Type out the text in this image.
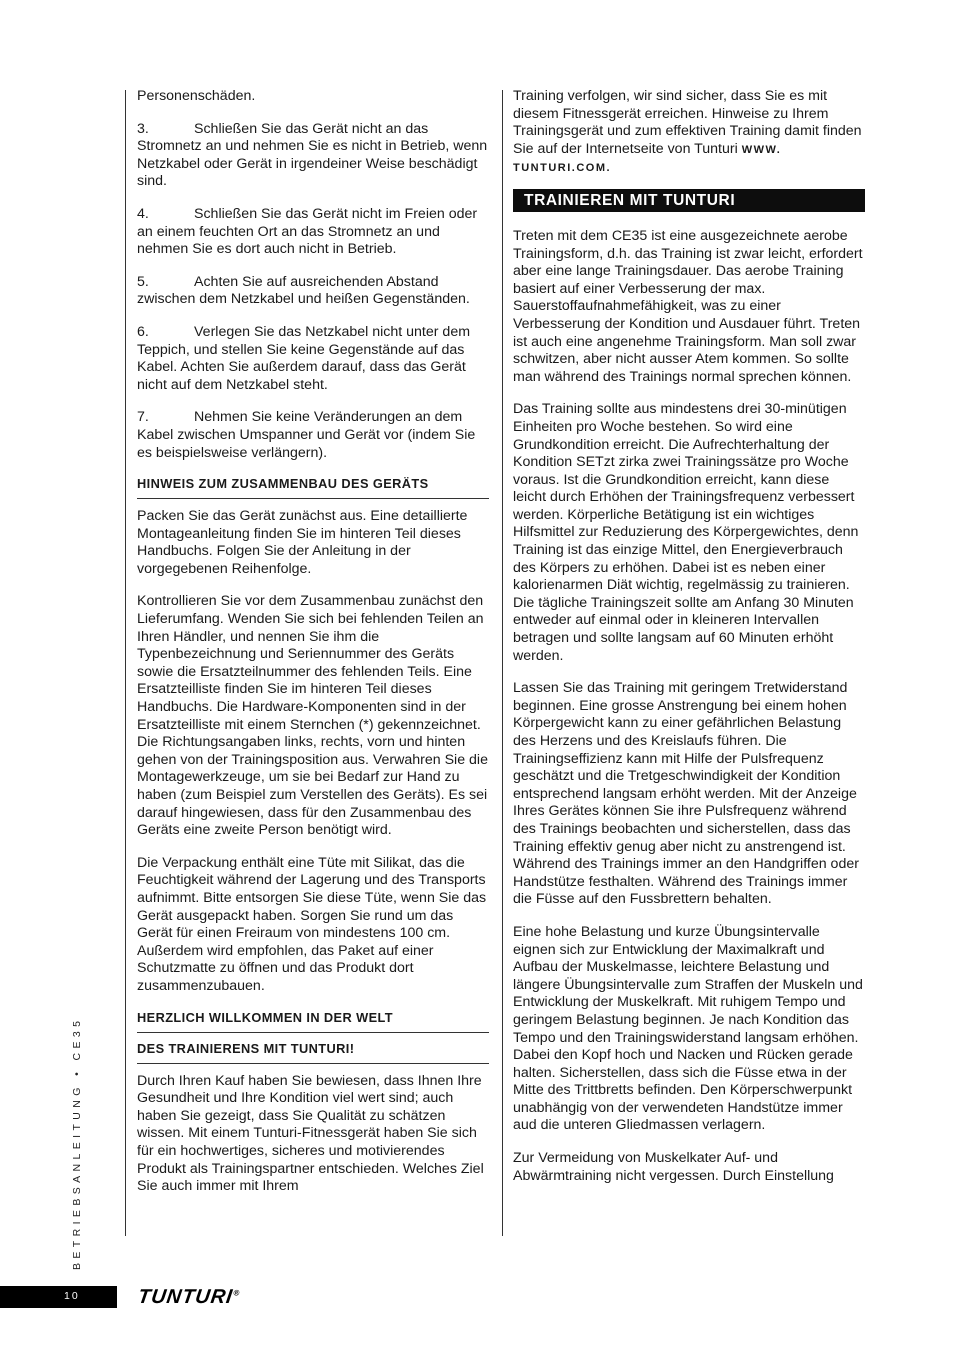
Personenschäden.

3.	Schließen Sie das Gerät nicht an das Stromnetz an und nehmen Sie es nicht in Betrieb, wenn Netzkabel oder Gerät in irgendeiner Weise beschädigt sind.

4.	Schließen Sie das Gerät nicht im Freien oder an einem feuchten Ort an das Stromnetz an und nehmen Sie es dort auch nicht in Betrieb.

5.	Achten Sie auf ausreichenden Abstand zwischen dem Netzkabel und heißen Gegenständen.

6.	Verlegen Sie das Netzkabel nicht unter dem Teppich, und stellen Sie keine Gegenstände auf das Kabel. Achten Sie außerdem darauf, dass das Gerät nicht auf dem Netzkabel steht.

7.	Nehmen Sie keine Veränderungen an dem Kabel zwischen Umspanner und Gerät vor (indem Sie es beispielsweise verlängern).

HINWEIS ZUM ZUSAMMENBAU DES GERÄTS

Packen Sie das Gerät zunächst aus. Eine detaillierte Montageanleitung finden Sie im hinteren Teil dieses Handbuchs. Folgen Sie der Anleitung in der vorgegebenen Reihenfolge.

Kontrollieren Sie vor dem Zusammenbau zunächst den Lieferumfang. Wenden Sie sich bei fehlenden Teilen an Ihren Händler, und nennen Sie ihm die Typenbezeichnung und Seriennummer des Geräts sowie die Ersatzteilnummer des fehlenden Teils. Eine Ersatzteilliste finden Sie im hinteren Teil dieses Handbuchs. Die Hardware-Komponenten sind in der Ersatzteilliste mit einem Sternchen (*) gekennzeichnet. Die Richtungsangaben links, rechts, vorn und hinten gehen von der Trainingsposition aus. Verwahren Sie die Montagewerkzeuge, um sie bei Bedarf zur Hand zu haben (zum Beispiel zum Verstellen des Geräts). Es sei darauf hingewiesen, dass für den Zusammenbau des Geräts eine zweite Person benötigt wird.

Die Verpackung enthält eine Tüte mit Silikat, das die Feuchtigkeit während der Lagerung und des Transports aufnimmt. Bitte entsorgen Sie diese Tüte, wenn Sie das Gerät ausgepackt haben. Sorgen Sie rund um das Gerät für einen Freiraum von mindestens 100 cm. Außerdem wird empfohlen, das Paket auf einer Schutzmatte zu öffnen und das Produkt dort zusammenzubauen.

HERZLICH WILLKOMMEN IN DER WELT
DES TRAINIERENS MIT TUNTURI!

Durch Ihren Kauf haben Sie bewiesen, dass Ihnen Ihre Gesundheit und Ihre Kondition viel wert sind; auch haben Sie gezeigt, dass Sie Qualität zu schätzen wissen. Mit einem Tunturi-Fitnessgerät haben Sie sich für ein hochwertiges, sicheres und motivierendes Produkt als Trainingspartner entschieden. Welches Ziel Sie auch immer mit Ihrem

Training verfolgen, wir sind sicher, dass Sie es mit diesem Fitnessgerät erreichen. Hinweise zu Ihrem Trainingsgerät und zum effektiven Training damit finden Sie auf der Internetseite von Tunturi WWW. TUNTURI.COM.

TRAINIEREN MIT TUNTURI

Treten mit dem CE35 ist eine ausgezeichnete aerobe Trainingsform, d.h. das Training ist zwar leicht, erfordert aber eine lange Trainingsdauer. Das aerobe Training basiert auf einer Verbesserung der max. Sauerstoffaufnahmefähigkeit, was zu einer Verbesserung der Kondition und Ausdauer führt. Treten ist auch eine angenehme Trainingsform. Man soll zwar schwitzen, aber nicht ausser Atem kommen. So sollte man während des Trainings normal sprechen können.

Das Training sollte aus mindestens drei 30-minütigen Einheiten pro Woche bestehen. So wird eine Grundkondition erreicht. Die Aufrechterhaltung der Kondition SETzt zirka zwei Trainingssätze pro Woche voraus. Ist die Grundkondition erreicht, kann diese leicht durch Erhöhen der Trainingsfrequenz verbessert werden. Körperliche Betätigung ist ein wichtiges Hilfsmittel zur Reduzierung des Körpergewichtes, denn Training ist das einzige Mittel, den Energieverbrauch des Körpers zu erhöhen. Dabei ist es neben einer kalorienarmen Diät wichtig, regelmässig zu trainieren. Die tägliche Trainingszeit sollte am Anfang 30 Minuten entweder auf einmal oder in kleineren Intervallen betragen und sollte langsam auf 60 Minuten erhöht werden.

Lassen Sie das Training mit geringem Tretwiderstand beginnen. Eine grosse Anstrengung bei einem hohen Körpergewicht kann zu einer gefährlichen Belastung des Herzens und des Kreislaufs führen. Die Trainingseffizienz kann mit Hilfe der Pulsfrequenz geschätzt und die Tretgeschwindigkeit der Kondition entsprechend langsam erhöht werden. Mit der Anzeige Ihres Gerätes können Sie ihre Pulsfrequenz während des Trainings beobachten und sicherstellen, dass das Training effektiv genug aber nicht zu anstrengend ist. Während des Trainings immer an den Handgriffen oder Handstütze festhalten. Während des Trainings immer die Füsse auf den Fussbrettern behalten.

Eine hohe Belastung und kurze Übungsintervalle eignen sich zur Entwicklung der Maximalkraft und Aufbau der Muskelmasse, leichtere Belastung und längere Übungsintervalle zum Straffen der Muskeln und Entwicklung der Muskelkraft. Mit ruhigem Tempo und geringem Belastung beginnen. Je nach Kondition das Tempo und den Trainingswiderstand langsam erhöhen. Dabei den Kopf hoch und Nacken und Rücken gerade halten. Sicherstellen, dass sich die Füsse etwa in der Mitte des Trittbretts befinden. Den Körperschwerpunkt unabhängig von der verwendeten Handstütze immer aud die unteren Gliedmassen verlagern.

Zur Vermeidung von Muskelkater Auf- und Abwärmtraining nicht vergessen. Durch Einstellung

BETRIEBSANLEITUNG • CE35
10	TUNTURI®
